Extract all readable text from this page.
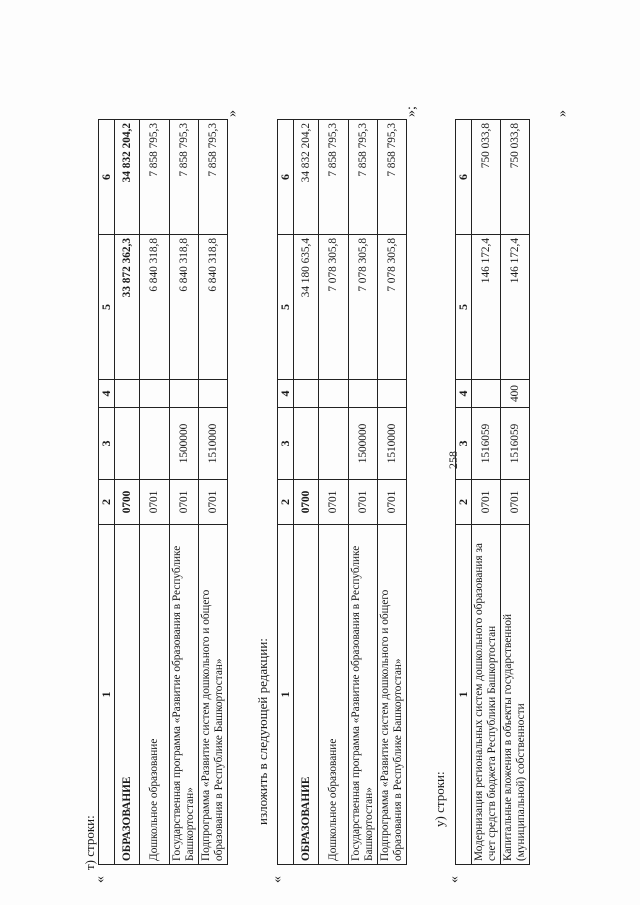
258
т) строки:
«
»
1	2	3	4	5	6
ОБРАЗОВАНИЕ	0700			33 872 362,3	34 832 204,2
Дошкольное образование	0701			6 840 318,8	7 858 795,3
Государственная программа «Развитие образования в Республике Башкортостан»	0701	1500000		6 840 318,8	7 858 795,3
Подпрограмма «Развитие систем дошкольного и общего образования в Республике Башкортостан»	0701	1510000		6 840 318,8	7 858 795,3
изложить в следующей редакции:
«
»;
1	2	3	4	5	6
ОБРАЗОВАНИЕ	0700			34 180 635,4	34 832 204,2
Дошкольное образование	0701			7 078 305,8	7 858 795,3
Государственная программа «Развитие образования в Республике Башкортостан»	0701	1500000		7 078 305,8	7 858 795,3
Подпрограмма «Развитие систем дошкольного и общего образования в Республике Башкортостан»	0701	1510000		7 078 305,8	7 858 795,3
у) строки:
«
»
1	2	3	4	5	6
Модернизация региональных систем дошкольного образования за счет средств бюджета Республики Башкортостан	0701	1516059		146 172,4	750 033,8
Капитальные вложения в объекты государственной (муниципальной) собственности	0701	1516059	400	146 172,4	750 033,8
